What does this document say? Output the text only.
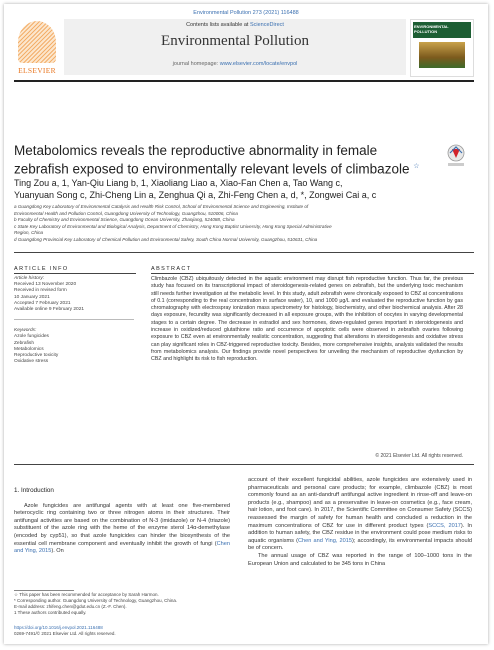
Environmental Pollution 273 (2021) 116488
ELSEVIER
Contents lists available at ScienceDirect
Environmental Pollution
journal homepage: www.elsevier.com/locate/envpol
ENVIRONMENTAL
POLLUTION
Metabolomics reveals the reproductive abnormality in female
zebrafish exposed to environmentally relevant levels of climbazole ☆
Ting Zou a, 1, Yan-Qiu Liang b, 1, Xiaoliang Liao a, Xiao-Fan Chen a, Tao Wang c,
Yuanyuan Song c, Zhi-Cheng Lin a, Zenghua Qi a, Zhi-Feng Chen a, d, *, Zongwei Cai a, c

a Guangdong Key Laboratory of Environmental Catalysis and Health Risk Control, School of Environmental Science and Engineering, Institute of

Environmental Health and Pollution Control, Guangdong University of Technology, Guangzhou, 510006, China

b Faculty of Chemistry and Environmental Science, Guangdong Ocean University, Zhanjiang, 524088, China

c State Key Laboratory of Environmental and Biological Analysis, Department of Chemistry, Hong Kong Baptist University, Hong Kong Special Administrative

Region, China

d Guangdong Provincial Key Laboratory of Chemical Pollution and Environmental Safety, South China Normal University, Guangzhou, 510631, China

ARTICLE INFO	ABSTRACT
Article history:
Received 13 November 2020
Received in revised form
10 January 2021
Accepted 7 February 2021
Available online 9 February 2021
Keywords:
Azole fungicides
Zebrafish
Metabolomics
Reproductive toxicity
Oxidative stress
Climbazole (CBZ) ubiquitously detected in the aquatic environment may disrupt fish reproductive function. Thus far, the previous study has focused on its transcriptional impact of steroidogenesis-related genes on zebrafish, but the underlying toxic mechanism still needs further investigation at the metabolic level. In this study, adult zebrafish were chronically exposed to CBZ at concentrations of 0.1 (corresponding to the real concentration in surface water), 10, and 1000 μg/L and evaluated the reproductive function by gas chromatography with electrospray ionization mass spectrometry for histology, biochemistry, and other biochemical analysis. After 28 days exposure, fecundity was significantly decreased in all exposure groups, with the inhibition of oocytes in varying developmental stages to a certain degree. The decrease in estradiol and sex hormones, down-regulated genes important in steroidogenesis and increase in oxidized/reduced glutathione ratio and occurrence of apoptotic cells were observed in zebrafish ovaries following exposure to CBZ even at environmentally realistic concentration, suggesting that alterations in steroidogenesis and oxidative stress can play significant roles in CBZ-triggered reproductive toxicity. Besides, more comprehensive insights, analysis validated the results from metabolomics analysis. Our findings provide novel perspectives for unveiling the mechanism of reproductive dysfunction by CBZ and highlight its risk to fish reproduction.
© 2021 Elsevier Ltd. All rights reserved.
1. Introduction

Azole fungicides are antifungal agents with at least one five-membered heterocyclic ring containing two or three nitrogen atoms in their structures. Their antifungal activities are based on the combination of N-3 (imidazole) or N-4 (triazole) substituent of the azole ring with the heme of the enzyme sterol 14α-demethylase (encoded by cyp51), so that azole fungicides can hinder the biosynthesis of the essential cell membrane component and eventually inhibit the growth of fungi (Chen and Ying, 2015). On

account of their excellent fungicidal abilities, azole fungicides are extensively used in pharmaceuticals and personal care products; for example, climbazole (CBZ) is most commonly found as an anti-dandruff antifungal active ingredient in rinse-off and leave-on products (e.g., shampoo) and as a preservative in leave-on cosmetics (e.g., face cream, hair lotion, and foot care). In 2017, the Scientific Committee on Consumer Safety (SCCS) reassessed the margin of safety for human health and concluded a reduction in the maximum concentrations of CBZ for use in different product types (SCCS, 2017). In addition to human safety, the CBZ residue in the environment could pose medium risks to aquatic organisms (Chen and Ying, 2015); accordingly, its environmental impacts should be of concern.

The annual usage of CBZ was reported in the range of 100–1000 tons in the European Union and calculated to be 345 tons in China

☆ This paper has been recommended for acceptance by Sarah Harmon.

* Corresponding author. Guangdong University of Technology, Guangzhou, China.

E-mail address: zhifeng.chen@gdut.edu.cn (Z.-F. Chen).

1 These authors contributed equally.

https://doi.org/10.1016/j.envpol.2021.116488
0269-7491/© 2021 Elsevier Ltd. All rights reserved.
